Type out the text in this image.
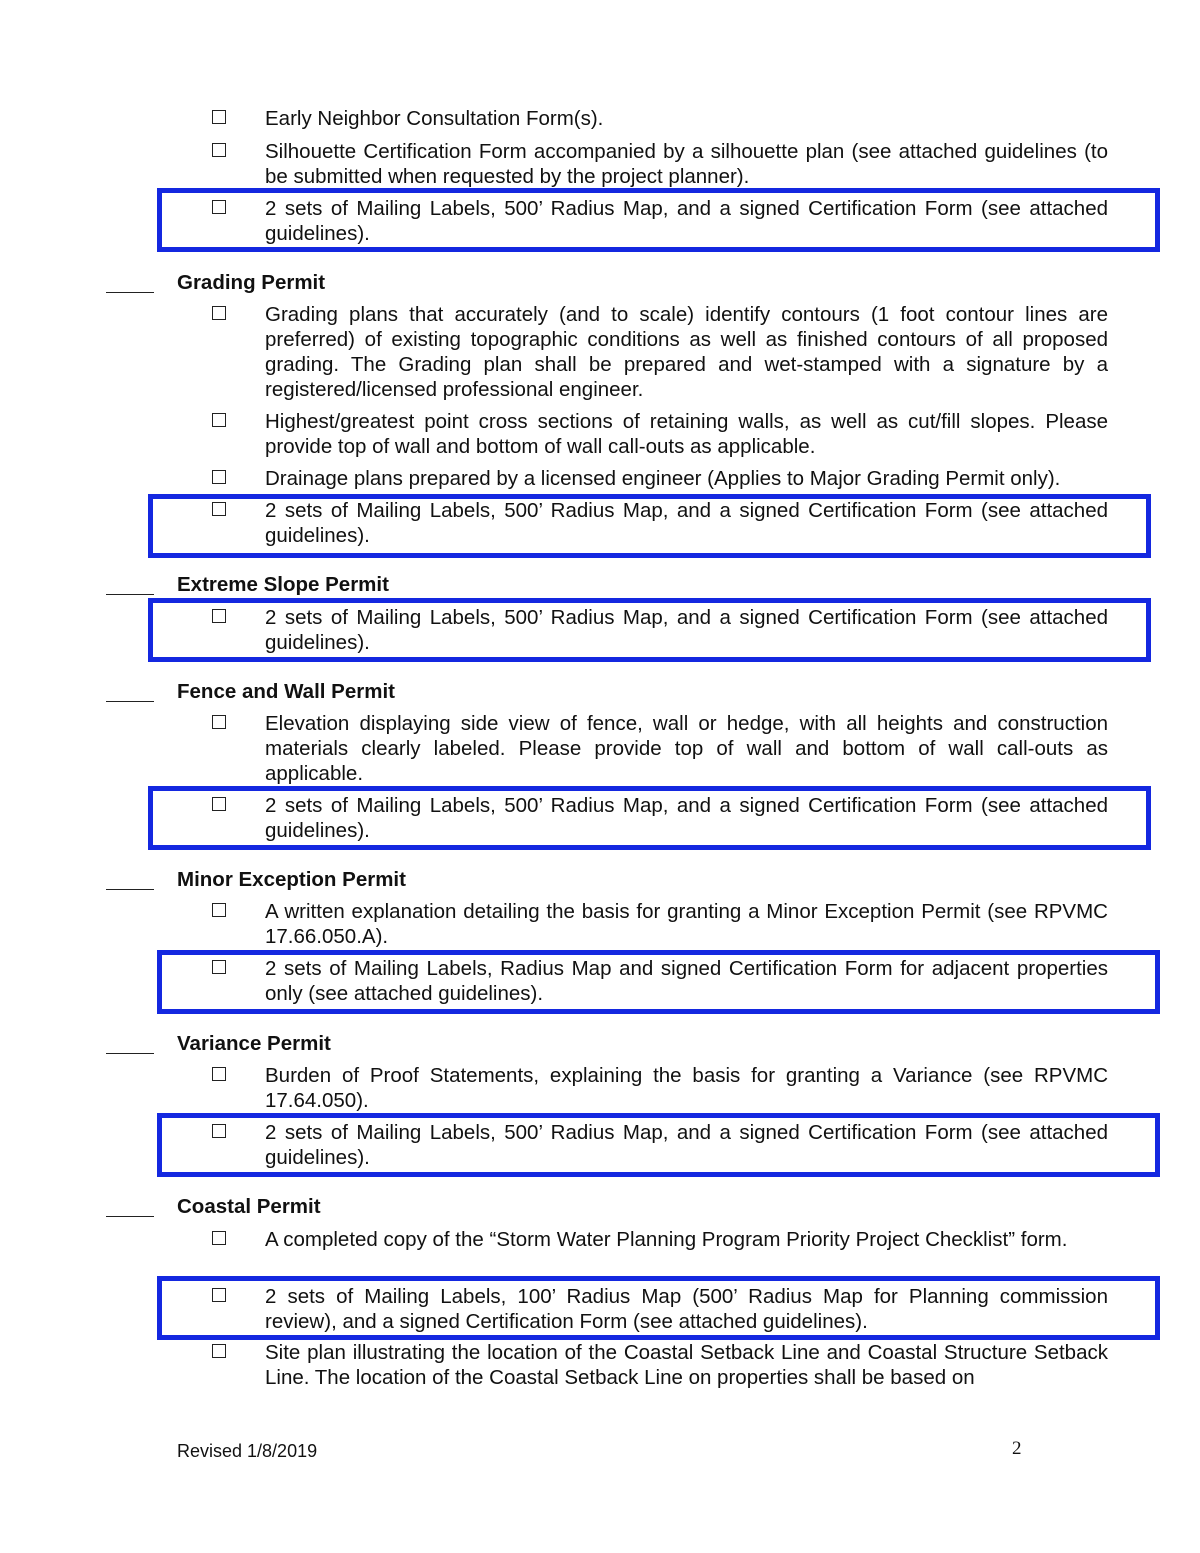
Early Neighbor Consultation Form(s).
Silhouette Certification Form accompanied by a silhouette plan (see attached guidelines (to be submitted when requested by the project planner).
2 sets of Mailing Labels, 500’ Radius Map, and a signed Certification Form (see attached guidelines).
Grading Permit
Grading plans that accurately (and to scale) identify contours (1 foot contour lines are preferred) of existing topographic conditions as well as finished contours of all proposed grading. The Grading plan shall be prepared and wet-stamped with a signature by a registered/licensed professional engineer.
Highest/greatest point cross sections of retaining walls, as well as cut/fill slopes. Please provide top of wall and bottom of wall call-outs as applicable.
Drainage plans prepared by a licensed engineer (Applies to Major Grading Permit only).
2 sets of Mailing Labels, 500’ Radius Map, and a signed Certification Form (see attached guidelines).
Extreme Slope Permit
2 sets of Mailing Labels, 500’ Radius Map, and a signed Certification Form (see attached guidelines).
Fence and Wall Permit
Elevation displaying side view of fence, wall or hedge, with all heights and construction materials clearly labeled. Please provide top of wall and bottom of wall call-outs as applicable.
2 sets of Mailing Labels, 500’ Radius Map, and a signed Certification Form (see attached guidelines).
Minor Exception Permit
A written explanation detailing the basis for granting a Minor Exception Permit (see RPVMC 17.66.050.A).
2 sets of Mailing Labels, Radius Map and signed Certification Form for adjacent properties only (see attached guidelines).
Variance Permit
Burden of Proof Statements, explaining the basis for granting a Variance (see RPVMC 17.64.050).
2 sets of Mailing Labels, 500’ Radius Map, and a signed Certification Form (see attached guidelines).
Coastal Permit
A completed copy of the “Storm Water Planning Program Priority Project Checklist” form.
2 sets of Mailing Labels, 100’ Radius Map (500’ Radius Map for Planning commission review), and a signed Certification Form (see attached guidelines).
Site plan illustrating the location of the Coastal Setback Line and Coastal Structure Setback Line. The location of the Coastal Setback Line on properties shall be based on
Revised 1/8/2019	2
